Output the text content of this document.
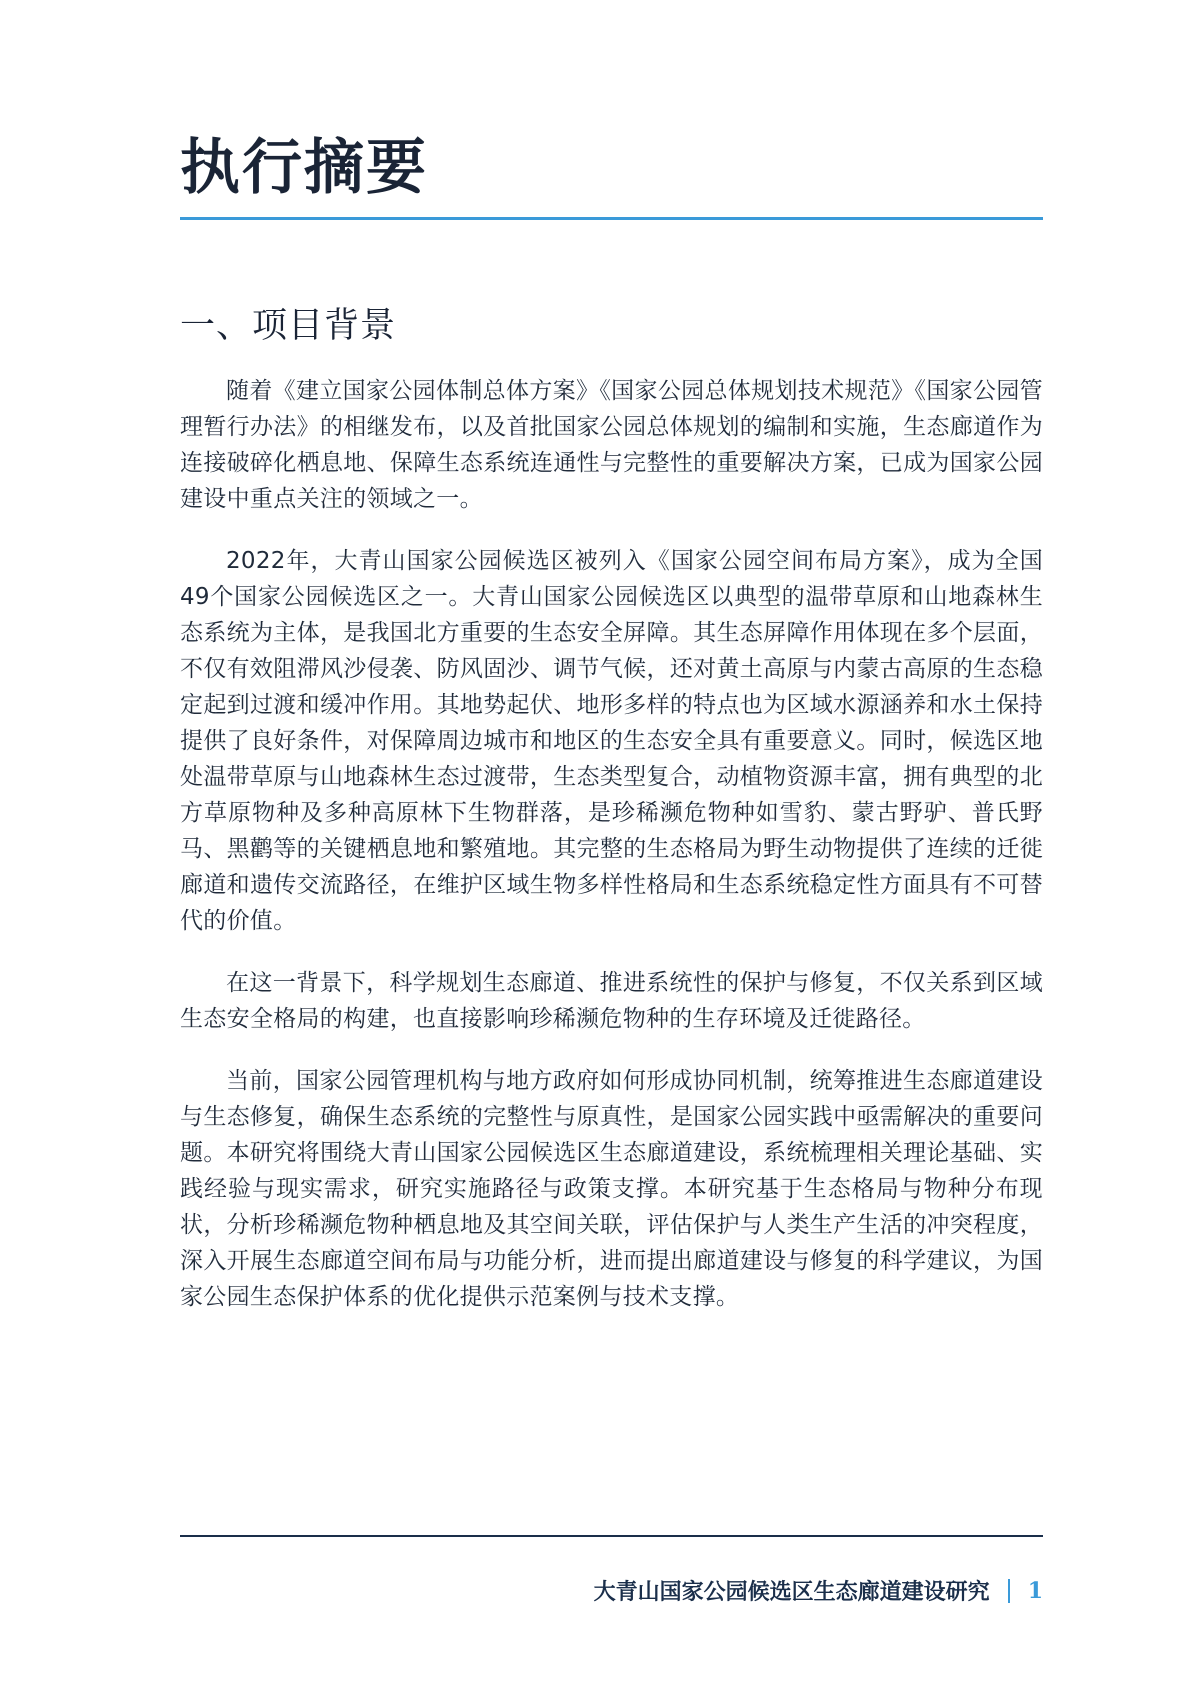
执行摘要
一、项目背景

随着《建立国家公园体制总体方案》《国家公园总体规划技术规范》《国家公园管理暂行办法》的相继发布，以及首批国家公园总体规划的编制和实施，生态廊道作为连接破碎化栖息地、保障生态系统连通性与完整性的重要解决方案，已成为国家公园建设中重点关注的领域之一。

2022年，大青山国家公园候选区被列入《国家公园空间布局方案》，成为全国49个国家公园候选区之一。大青山国家公园候选区以典型的温带草原和山地森林生态系统为主体，是我国北方重要的生态安全屏障。其生态屏障作用体现在多个层面，不仅有效阻滞风沙侵袭、防风固沙、调节气候，还对黄土高原与内蒙古高原的生态稳定起到过渡和缓冲作用。其地势起伏、地形多样的特点也为区域水源涵养和水土保持提供了良好条件，对保障周边城市和地区的生态安全具有重要意义。同时，候选区地处温带草原与山地森林生态过渡带，生态类型复合，动植物资源丰富，拥有典型的北方草原物种及多种高原林下生物群落，是珍稀濒危物种如雪豹、蒙古野驴、普氏野马、黑鹳等的关键栖息地和繁殖地。其完整的生态格局为野生动物提供了连续的迁徙廊道和遗传交流路径，在维护区域生物多样性格局和生态系统稳定性方面具有不可替代的价值。

在这一背景下，科学规划生态廊道、推进系统性的保护与修复，不仅关系到区域生态安全格局的构建，也直接影响珍稀濒危物种的生存环境及迁徙路径。

当前，国家公园管理机构与地方政府如何形成协同机制，统筹推进生态廊道建设与生态修复，确保生态系统的完整性与原真性，是国家公园实践中亟需解决的重要问题。本研究将围绕大青山国家公园候选区生态廊道建设，系统梳理相关理论基础、实践经验与现实需求，研究实施路径与政策支撑。本研究基于生态格局与物种分布现状，分析珍稀濒危物种栖息地及其空间关联，评估保护与人类生产生活的冲突程度，深入开展生态廊道空间布局与功能分析，进而提出廊道建设与修复的科学建议，为国家公园生态保护体系的优化提供示范案例与技术支撑。

大青山国家公园候选区生态廊道建设研究 1
